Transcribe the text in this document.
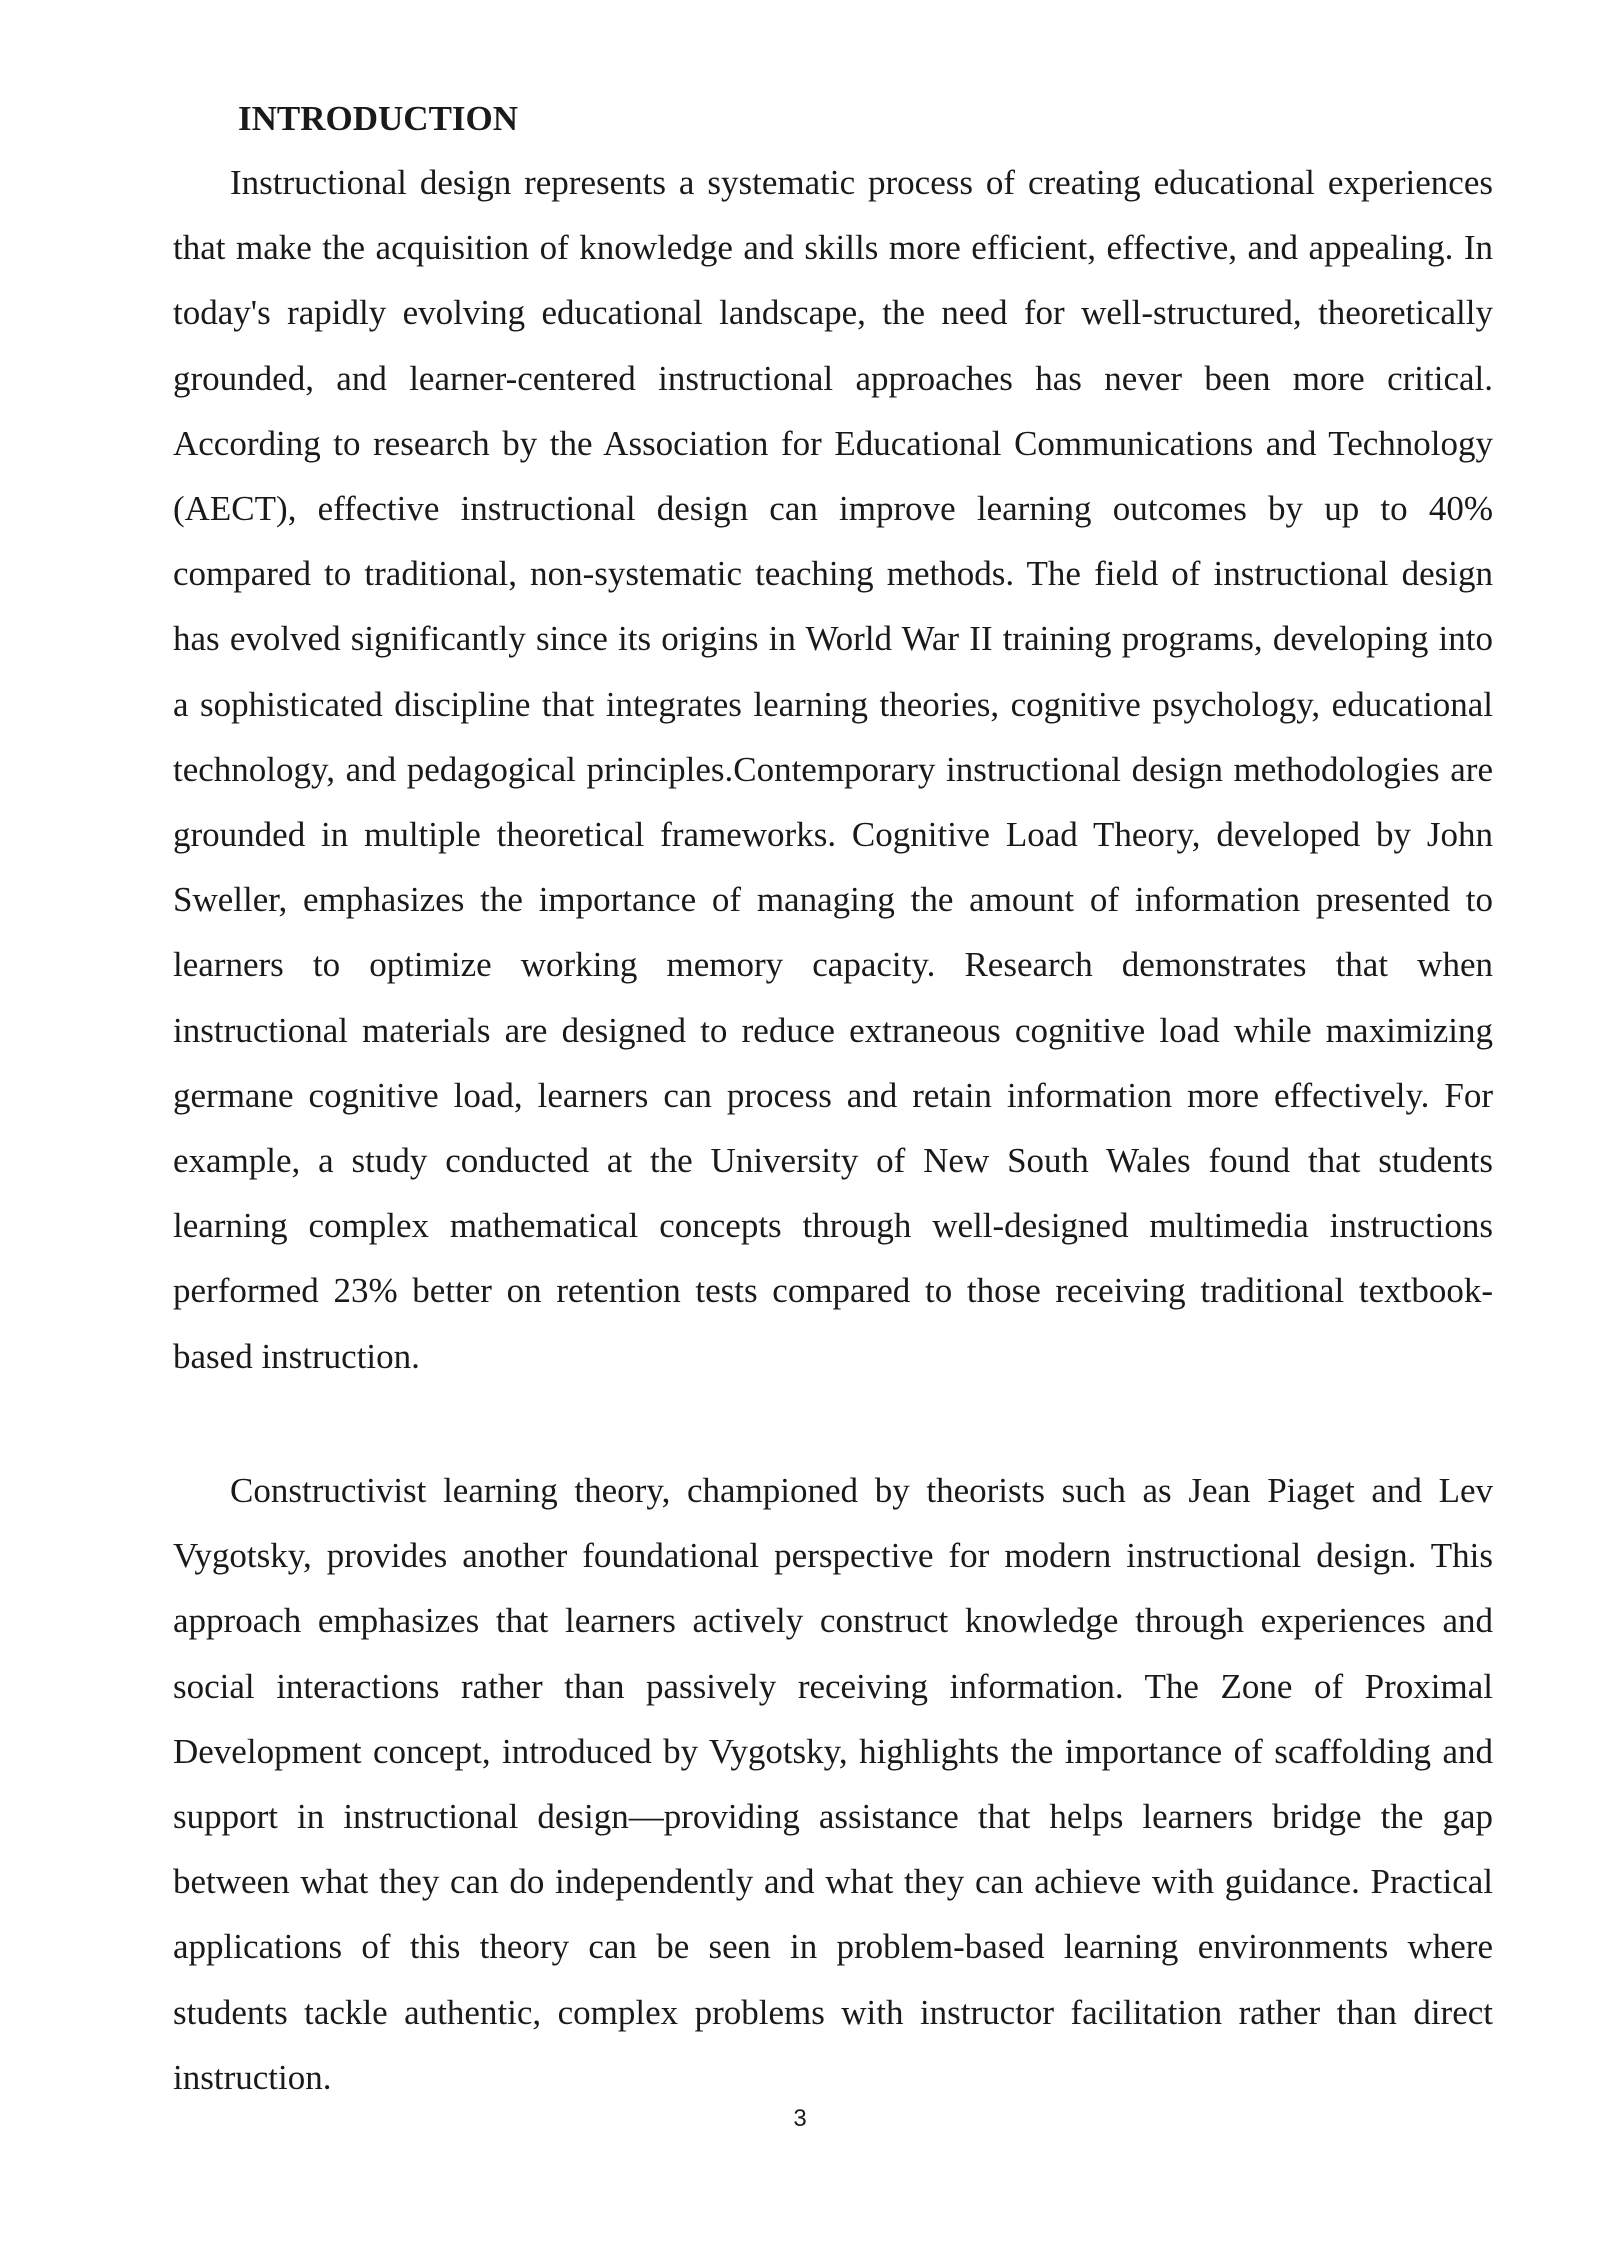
INTRODUCTION

Instructional design represents a systematic process of creating educational experiences that make the acquisition of knowledge and skills more efficient, effective, and appealing. In today's rapidly evolving educational landscape, the need for well-structured, theoretically grounded, and learner-centered instructional approaches has never been more critical. According to research by the Association for Educational Communications and Technology (AECT), effective instructional design can improve learning outcomes by up to 40% compared to traditional, non-systematic teaching methods. The field of instructional design has evolved significantly since its origins in World War II training programs, developing into a sophisticated discipline that integrates learning theories, cognitive psychology, educational technology, and pedagogical principles.Contemporary instructional design methodologies are grounded in multiple theoretical frameworks. Cognitive Load Theory, developed by John Sweller, emphasizes the importance of managing the amount of information presented to learners to optimize working memory capacity. Research demonstrates that when instructional materials are designed to reduce extraneous cognitive load while maximizing germane cognitive load, learners can process and retain information more effectively. For example, a study conducted at the University of New South Wales found that students learning complex mathematical concepts through well-designed multimedia instructions performed 23% better on retention tests compared to those receiving traditional textbook-based instruction.

Constructivist learning theory, championed by theorists such as Jean Piaget and Lev Vygotsky, provides another foundational perspective for modern instructional design. This approach emphasizes that learners actively construct knowledge through experiences and social interactions rather than passively receiving information. The Zone of Proximal Development concept, introduced by Vygotsky, highlights the importance of scaffolding and support in instructional design—providing assistance that helps learners bridge the gap between what they can do independently and what they can achieve with guidance. Practical applications of this theory can be seen in problem-based learning environments where students tackle authentic, complex problems with instructor facilitation rather than direct instruction.

3
